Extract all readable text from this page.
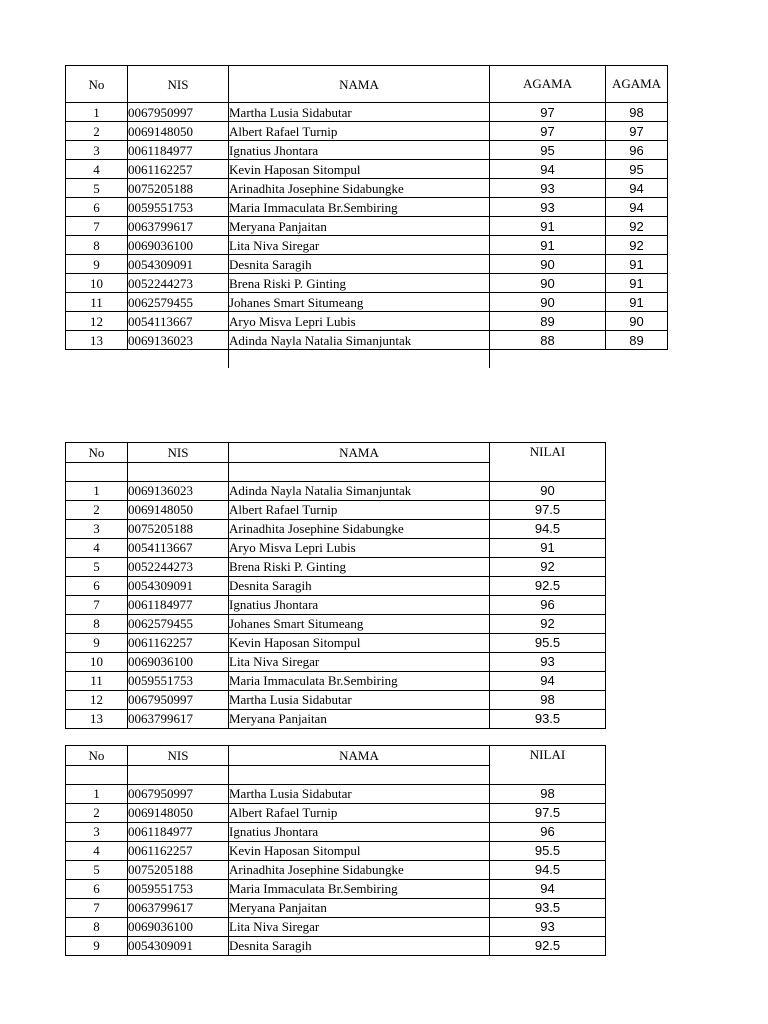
No	NIS	NAMA	AGAMA	AGAMA
1	0067950997	Martha Lusia Sidabutar	97	98
2	0069148050	Albert Rafael Turnip	97	97
3	0061184977	Ignatius Jhontara	95	96
4	0061162257	Kevin Haposan Sitompul	94	95
5	0075205188	Arinadhita Josephine Sidabungke	93	94
6	0059551753	Maria Immaculata Br.Sembiring	93	94
7	0063799617	Meryana Panjaitan	91	92
8	0069036100	Lita Niva Siregar	91	92
9	0054309091	Desnita Saragih	90	91
10	0052244273	Brena Riski P. Ginting	90	91
11	0062579455	Johanes Smart Situmeang	90	91
12	0054113667	Aryo Misva Lepri Lubis	89	90
13	0069136023	Adinda Nayla Natalia Simanjuntak	88	89

No	NIS	NAMA	NILAI

1	0069136023	Adinda Nayla Natalia Simanjuntak	90
2	0069148050	Albert Rafael Turnip	97.5
3	0075205188	Arinadhita Josephine Sidabungke	94.5
4	0054113667	Aryo Misva Lepri Lubis	91
5	0052244273	Brena Riski P. Ginting	92
6	0054309091	Desnita Saragih	92.5
7	0061184977	Ignatius Jhontara	96
8	0062579455	Johanes Smart Situmeang	92
9	0061162257	Kevin Haposan Sitompul	95.5
10	0069036100	Lita Niva Siregar	93
11	0059551753	Maria Immaculata Br.Sembiring	94
12	0067950997	Martha Lusia Sidabutar	98
13	0063799617	Meryana Panjaitan	93.5
No	NIS	NAMA	NILAI

1	0067950997	Martha Lusia Sidabutar	98
2	0069148050	Albert Rafael Turnip	97.5
3	0061184977	Ignatius Jhontara	96
4	0061162257	Kevin Haposan Sitompul	95.5
5	0075205188	Arinadhita Josephine Sidabungke	94.5
6	0059551753	Maria Immaculata Br.Sembiring	94
7	0063799617	Meryana Panjaitan	93.5
8	0069036100	Lita Niva Siregar	93
9	0054309091	Desnita Saragih	92.5
